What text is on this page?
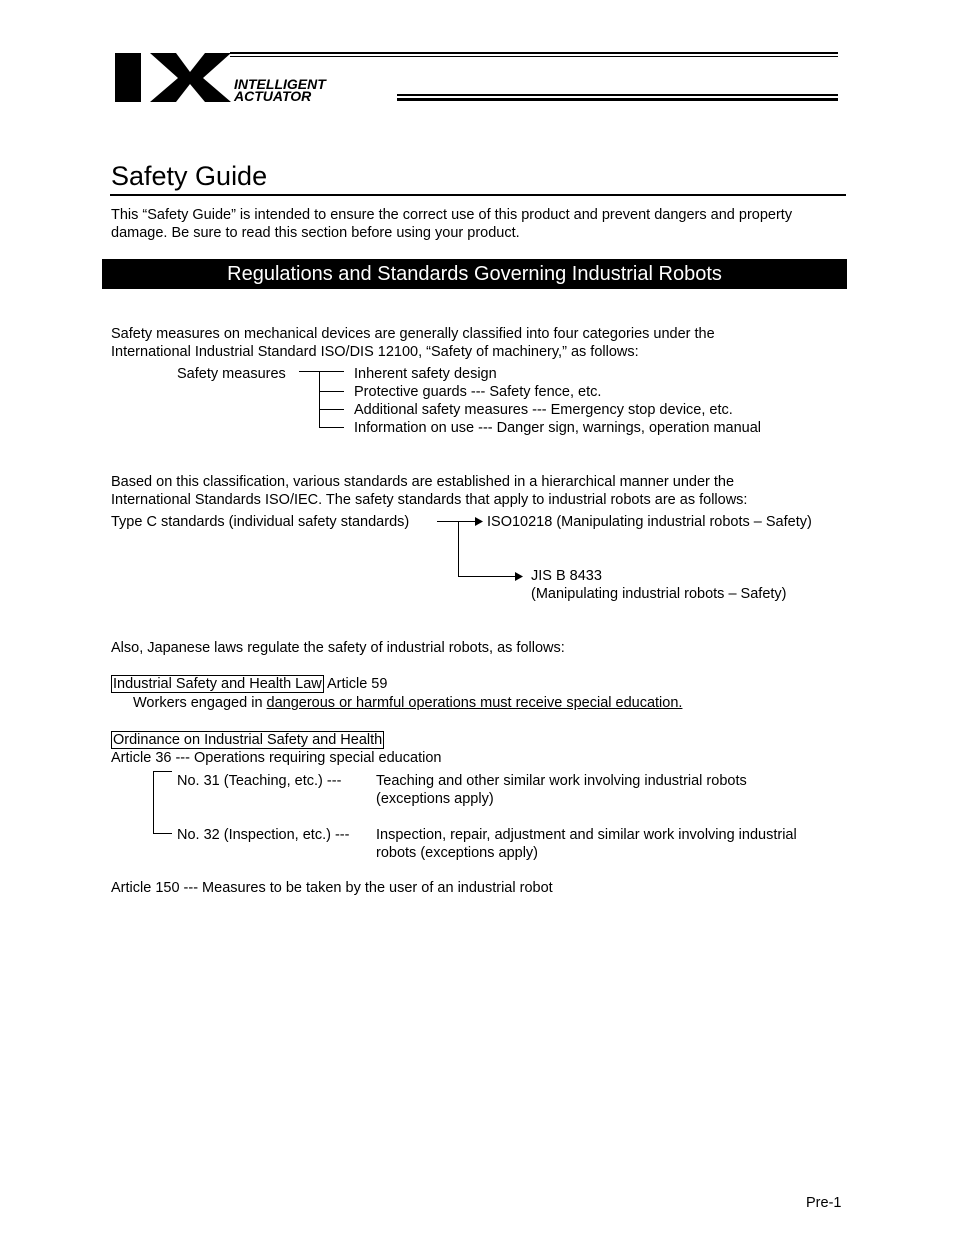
INTELLIGENT
ACTUATOR
Safety Guide
This “Safety Guide” is intended to ensure the correct use of this product and prevent dangers and property
damage. Be sure to read this section before using your product.
Regulations and Standards Governing Industrial Robots
Safety measures on mechanical devices are generally classified into four categories under the
International Industrial Standard ISO/DIS 12100, “Safety of machinery,” as follows:
Safety measures	Inherent safety design
Protective guards --- Safety fence, etc.
Additional safety measures --- Emergency stop device, etc.
Information on use --- Danger sign, warnings, operation manual
Based on this classification, various standards are established in a hierarchical manner under the
International Standards ISO/IEC. The safety standards that apply to industrial robots are as follows:
Type C standards (individual safety standards)	ISO10218 (Manipulating industrial robots – Safety)
JIS B 8433
(Manipulating industrial robots – Safety)
Also, Japanese laws regulate the safety of industrial robots, as follows:
Industrial Safety and Health Law Article 59
Workers engaged in dangerous or harmful operations must receive special education.
Ordinance on Industrial Safety and Health
Article 36 --- Operations requiring special education
No. 31 (Teaching, etc.) --- Teaching and other similar work involving industrial robots
(exceptions apply)
No. 32 (Inspection, etc.) --- Inspection, repair, adjustment and similar work involving industrial
robots (exceptions apply)
Article 150 --- Measures to be taken by the user of an industrial robot
Pre-1
